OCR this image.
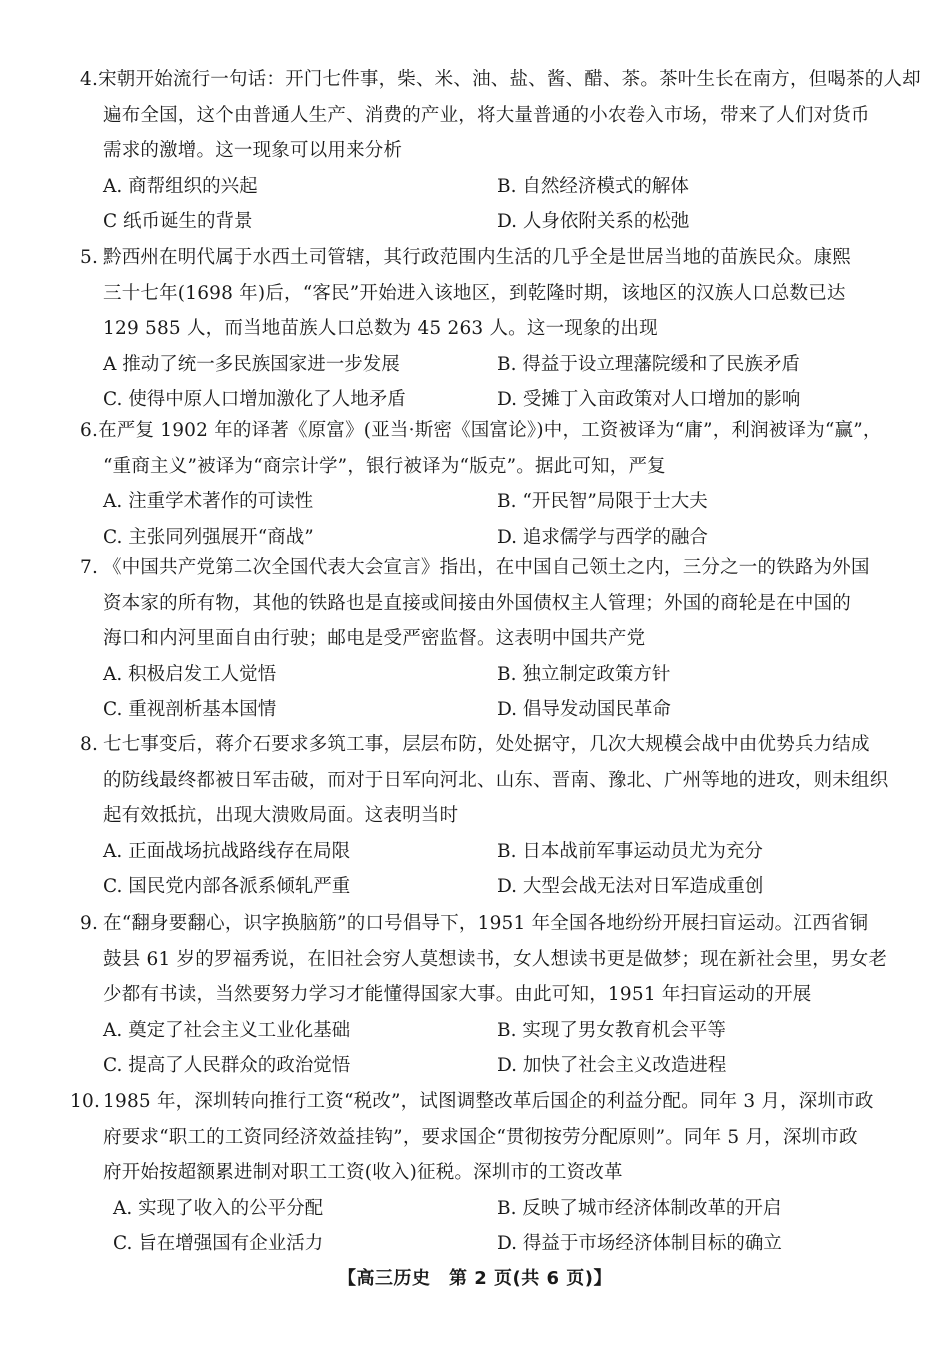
4. 宋朝开始流行一句话：开门七件事，柴、米、油、盐、酱、醋、茶。茶叶生长在南方，但喝茶的人却
遍布全国，这个由普通人生产、消费的产业，将大量普通的小农卷入市场，带来了人们对货币
需求的激增。这一现象可以用来分析
A. 商帮组织的兴起	B. 自然经济模式的解体
C 纸币诞生的背景	D. 人身依附关系的松弛
5. 黔西州在明代属于水西土司管辖，其行政范围内生活的几乎全是世居当地的苗族民众。康熙
三十七年(1698 年)后，“客民”开始进入该地区，到乾隆时期，该地区的汉族人口总数已达
129 585 人，而当地苗族人口总数为 45 263 人。这一现象的出现
A 推动了统一多民族国家进一步发展	B. 得益于设立理藩院缓和了民族矛盾
C. 使得中原人口增加激化了人地矛盾	D. 受摊丁入亩政策对人口增加的影响
6. 在严复 1902 年的译著《原富》(亚当·斯密《国富论》)中，工资被译为“庸”，利润被译为“赢”，
“重商主义”被译为“商宗计学”，银行被译为“版克”。据此可知，严复
A. 注重学术著作的可读性	B. “开民智”局限于士大夫
C. 主张同列强展开“商战”	D. 追求儒学与西学的融合
7. 《中国共产党第二次全国代表大会宣言》指出，在中国自己领土之内，三分之一的铁路为外国
资本家的所有物，其他的铁路也是直接或间接由外国债权主人管理；外国的商轮是在中国的
海口和内河里面自由行驶；邮电是受严密监督。这表明中国共产党
A. 积极启发工人觉悟	B. 独立制定政策方针
C. 重视剖析基本国情	D. 倡导发动国民革命
8. 七七事变后，蒋介石要求多筑工事，层层布防，处处据守，几次大规模会战中由优势兵力结成
的防线最终都被日军击破，而对于日军向河北、山东、晋南、豫北、广州等地的进攻，则未组织
起有效抵抗，出现大溃败局面。这表明当时
A. 正面战场抗战路线存在局限	B. 日本战前军事运动员尤为充分
C. 国民党内部各派系倾轧严重	D. 大型会战无法对日军造成重创
9. 在“翻身要翻心，识字换脑筋”的口号倡导下，1951 年全国各地纷纷开展扫盲运动。江西省铜
鼓县 61 岁的罗福秀说，在旧社会穷人莫想读书，女人想读书更是做梦；现在新社会里，男女老
少都有书读，当然要努力学习才能懂得国家大事。由此可知，1951 年扫盲运动的开展
A. 奠定了社会主义工业化基础	B. 实现了男女教育机会平等
C. 提高了人民群众的政治觉悟	D. 加快了社会主义改造进程
10. 1985 年，深圳转向推行工资“税改”，试图调整改革后国企的利益分配。同年 3 月，深圳市政
府要求“职工的工资同经济效益挂钩”，要求国企“贯彻按劳分配原则”。同年 5 月，深圳市政
府开始按超额累进制对职工工资(收入)征税。深圳市的工资改革
A. 实现了收入的公平分配	B. 反映了城市经济体制改革的开启
C. 旨在增强国有企业活力	D. 得益于市场经济体制目标的确立
【高三历史　第 2 页(共 6 页)】
